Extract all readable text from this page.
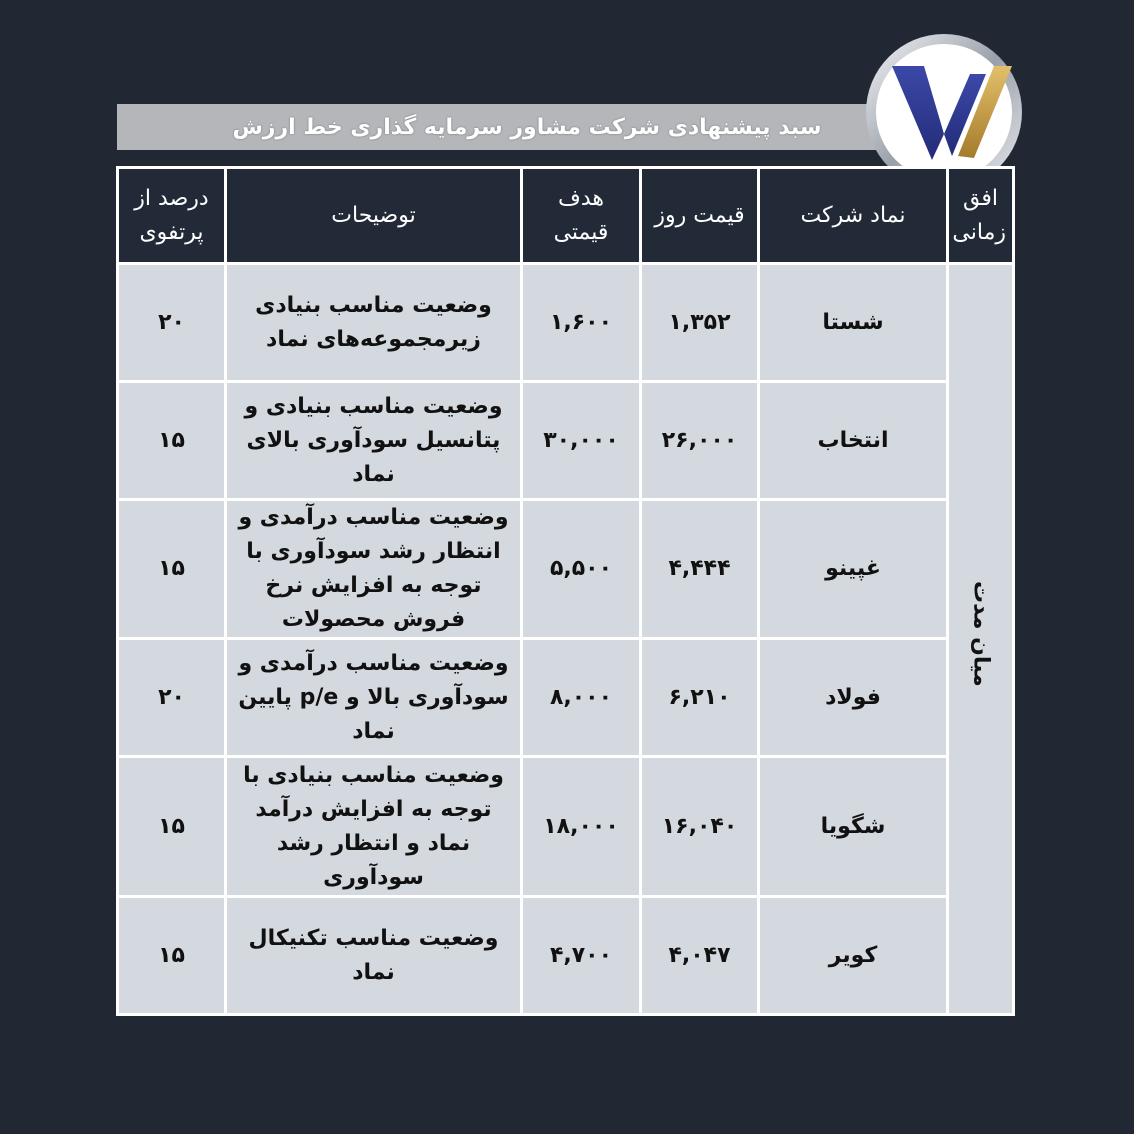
سبد پیشنهادی شرکت مشاور سرمایه گذاری خط ارزش
افق زمانی	نماد شرکت	قیمت روز	هدف قیمتی	توضیحات	درصد از پرتفوی
میان مدت	شستا	۱,۳۵۲	۱,۶۰۰	وضعیت مناسب بنیادی زیرمجموعه‌های نماد	۲۰
	انتخاب	۲۶,۰۰۰	۳۰,۰۰۰	وضعیت مناسب بنیادی و پتانسیل سودآوری بالای نماد	۱۵
	غپینو	۴,۴۴۴	۵,۵۰۰	وضعیت مناسب درآمدی و انتظار رشد سودآوری با توجه به افزایش نرخ فروش محصولات	۱۵
	فولاد	۶,۲۱۰	۸,۰۰۰	وضعیت مناسب درآمدی و سودآوری بالا و p/e پایین نماد	۲۰
	شگویا	۱۶,۰۴۰	۱۸,۰۰۰	وضعیت مناسب بنیادی با توجه به افزایش درآمد نماد و انتظار رشد سودآوری	۱۵
	کویر	۴,۰۴۷	۴,۷۰۰	وضعیت مناسب تکنیکال نماد	۱۵
